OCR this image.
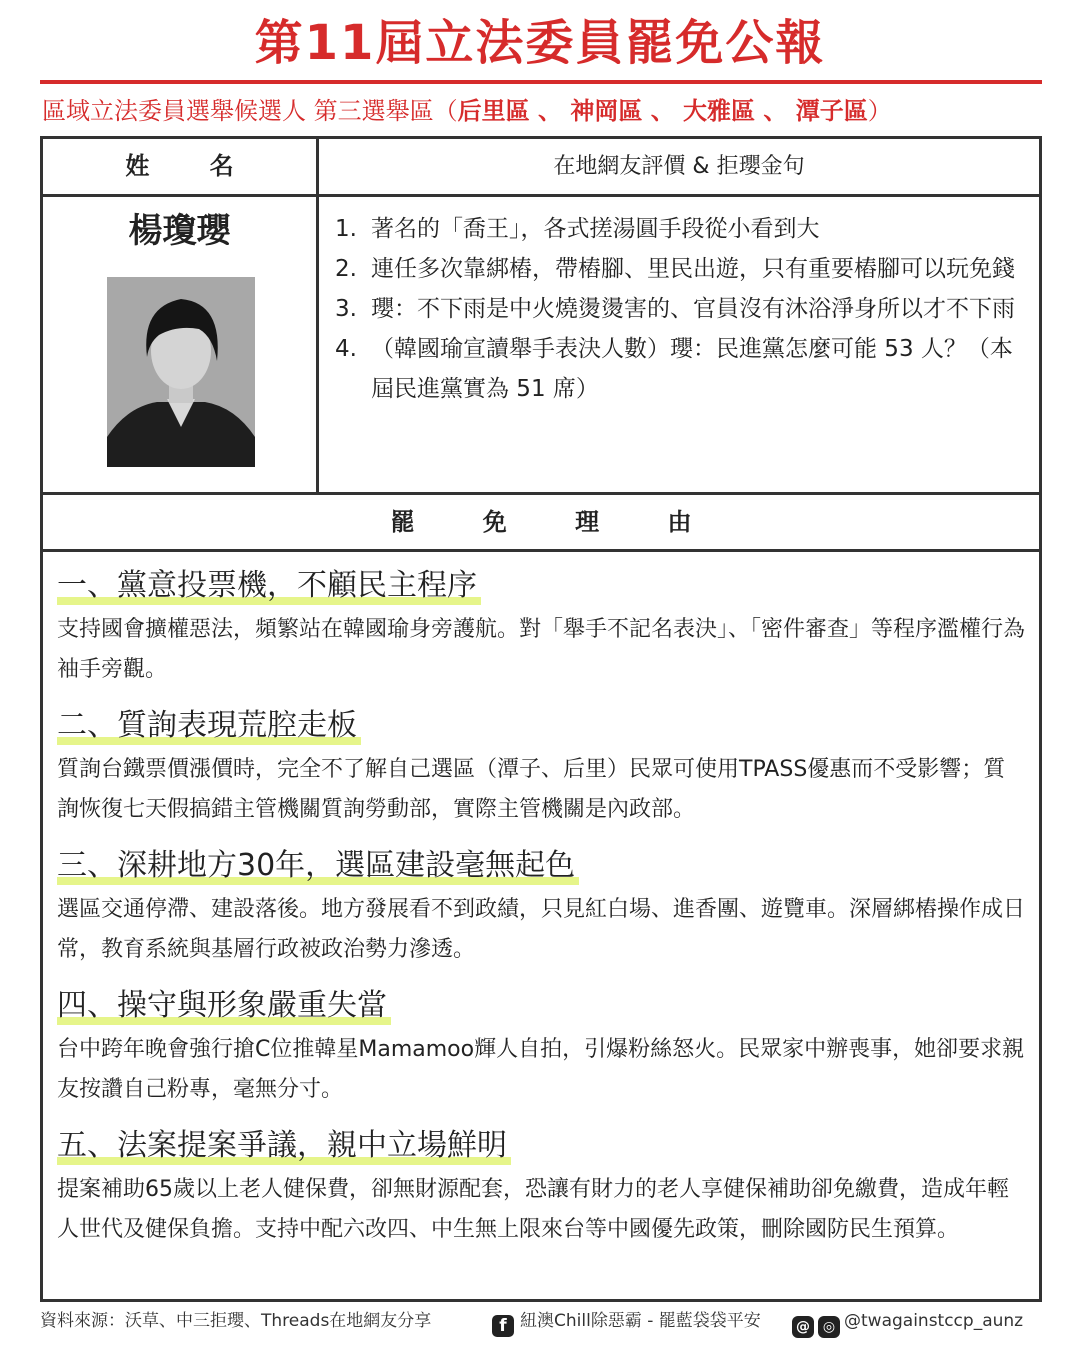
第11屆立法委員罷免公報
區域立法委員選舉候選人 第三選舉區（后里區 、 神岡區 、 大雅區 、 潭子區）
姓 名	在地網友評價 & 拒瓔金句
楊瓊瓔	1. 著名的「喬王」，各式搓湯圓手段從小看到大
2. 連任多次靠綁樁，帶樁腳、里民出遊，只有重要樁腳可以玩免錢
3. 瓔：不下雨是中火燒燙燙害的、官員沒有沐浴淨身所以才不下雨
4. （韓國瑜宣讀舉手表決人數）瓔：民進黨怎麼可能 53 人？（本屆民進黨實為 51 席）
罷 免 理 由
一、黨意投票機，不顧民主程序
支持國會擴權惡法，頻繁站在韓國瑜身旁護航。對「舉手不記名表決」、「密件審查」等程序濫權行為袖手旁觀。
二、質詢表現荒腔走板
質詢台鐵票價漲價時，完全不了解自己選區（潭子、后里）民眾可使用TPASS優惠而不受影響；質詢恢復七天假搞錯主管機關質詢勞動部，實際主管機關是內政部。
三、深耕地方30年，選區建設毫無起色
選區交通停滯、建設落後。地方發展看不到政績，只見紅白場、進香團、遊覽車。深層綁樁操作成日常，教育系統與基層行政被政治勢力滲透。
四、操守與形象嚴重失當
台中跨年晚會強行搶C位推韓星Mamamoo輝人自拍，引爆粉絲怒火。民眾家中辦喪事，她卻要求親友按讚自己粉專，毫無分寸。
五、法案提案爭議，親中立場鮮明
提案補助65歲以上老人健保費，卻無財源配套，恐讓有財力的老人享健保補助卻免繳費，造成年輕人世代及健保負擔。支持中配六改四、中生無上限來台等中國優先政策，刪除國防民生預算。
資料來源：沃草、中三拒瓔、Threads在地網友分享	f 紐澳Chill除惡霸 - 罷藍袋袋平安	@ ◎ @twagainstccp_aunz
